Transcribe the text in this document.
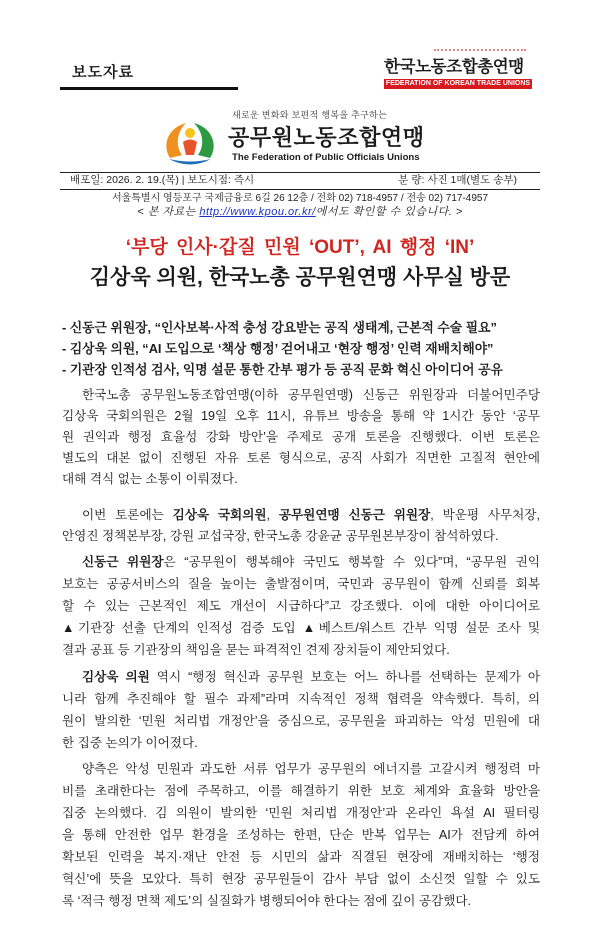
보도자료	한국노동조합총연맹
FEDERATION OF KOREAN TRADE UNIONS
새로운 변화와 보편적 행복을 추구하는
공무원노동조합연맹
The Federation of Public Officials Unions
배포일: 2026. 2. 19.(목) | 보도시점: 즉시	분 량: 사진 1매(별도 송부)
서울특별시 영등포구 국제금융로 6길 26 12층 / 전화 02) 718-4957 / 전송 02) 717-4957
< 본 자료는 http://www.kpou.or.kr/에서도 확인할 수 있습니다. >
‘부당 인사·갑질 민원 ‘OUT’, AI 행정 ‘IN’
김상욱 의원, 한국노총 공무원연맹 사무실 방문
- 신동근 위원장, “인사보복·사적 충성 강요받는 공직 생태계, 근본적 수술 필요”
- 김상욱 의원, “AI 도입으로 ‘책상 행정’ 걷어내고 ‘현장 행정’ 인력 재배치해야”
- 기관장 인적성 검사, 익명 설문 통한 간부 평가 등 공직 문화 혁신 아이디어 공유
한국노총 공무원노동조합연맹(이하 공무원연맹) 신동근 위원장과 더불어민주당
김상욱 국회의원은 2월 19일 오후 11시, 유튜브 방송을 통해 약 1시간 동안 ‘공무
원 권익과 행정 효율성 강화 방안’을 주제로 공개 토론을 진행했다. 이번 토론은
별도의 대본 없이 진행된 자유 토론 형식으로, 공직 사회가 직면한 고질적 현안에
대해 격식 없는 소통이 이뤄졌다.
이번 토론에는 김상욱 국회의원, 공무원연맹 신동근 위원장, 박운평 사무처장,
안영진 정책본부장, 강원 교섭국장, 한국노총 강윤균 공무원본부장이 참석하였다.
신동근 위원장은 “공무원이 행복해야 국민도 행복할 수 있다”며, “공무원 권익
보호는 공공서비스의 질을 높이는 출발점이며, 국민과 공무원이 함께 신뢰를 회복
할 수 있는 근본적인 제도 개선이 시급하다”고 강조했다. 이에 대한 아이디어로
▲기관장 선출 단계의 인적성 검증 도입 ▲베스트/워스트 간부 익명 설문 조사 및
결과 공표 등 기관장의 책임을 묻는 파격적인 견제 장치들이 제안되었다.
김상욱 의원 역시 “행정 혁신과 공무원 보호는 어느 하나를 선택하는 문제가 아
니라 함께 추진해야 할 필수 과제”라며 지속적인 정책 협력을 약속했다. 특히, 의
원이 발의한 ‘민원 처리법 개정안’을 중심으로, 공무원을 파괴하는 악성 민원에 대
한 집중 논의가 이어졌다.
양측은 악성 민원과 과도한 서류 업무가 공무원의 에너지를 고갈시켜 행정력 마
비를 초래한다는 점에 주목하고, 이를 해결하기 위한 보호 체계와 효율화 방안을
집중 논의했다. 김 의원이 발의한 ‘민원 처리법 개정안’과 온라인 욕설 AI 필터링
을 통해 안전한 업무 환경을 조성하는 한편, 단순 반복 업무는 AI가 전담케 하여
확보된 인력을 복지·재난 안전 등 시민의 삶과 직결된 현장에 재배치하는 ‘행정
혁신’에 뜻을 모았다. 특히 현장 공무원들이 감사 부담 없이 소신껏 일할 수 있도
록 ‘적극 행정 면책 제도’의 실질화가 병행되어야 한다는 점에 깊이 공감했다.
